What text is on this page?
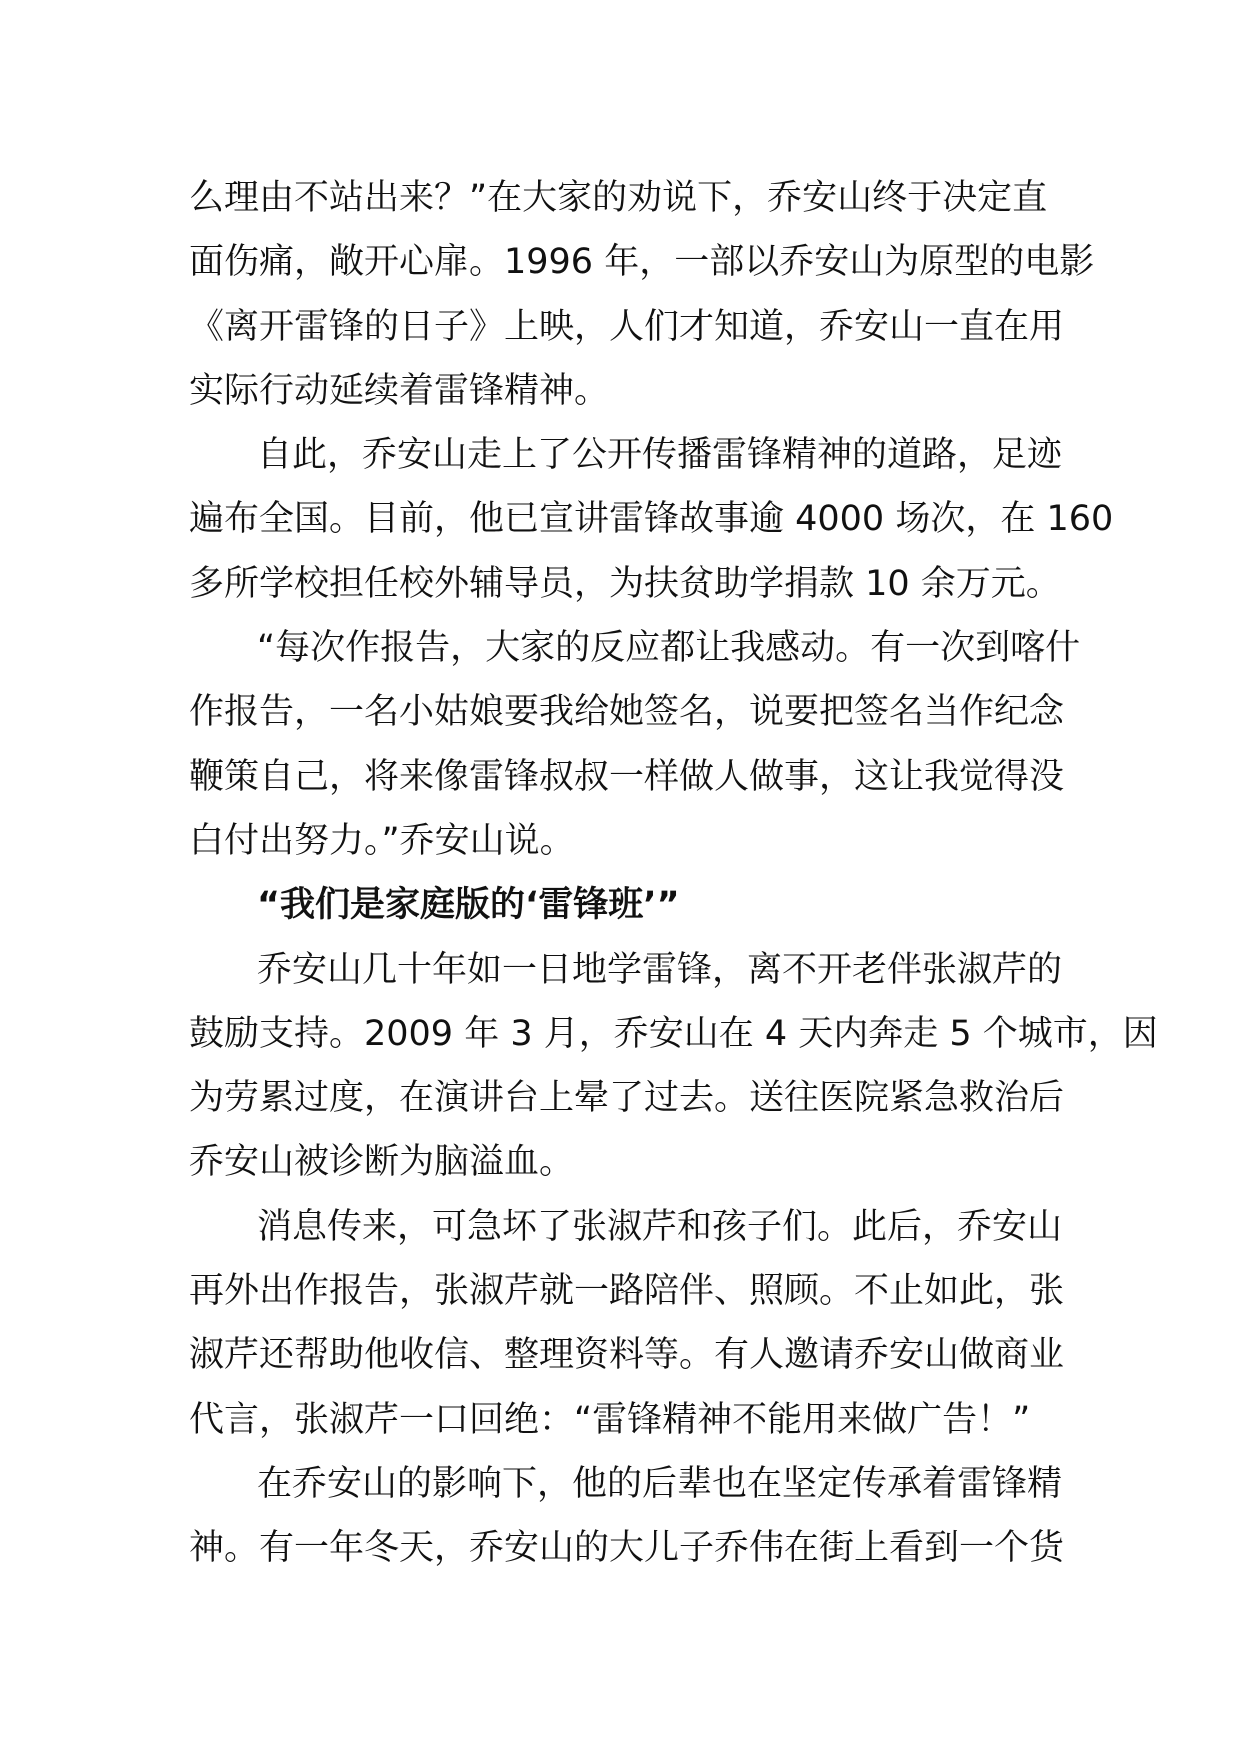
么理由不站出来？”在大家的劝说下，乔安山终于决定直
面伤痛，敞开心扉。1996 年，一部以乔安山为原型的电影
《离开雷锋的日子》上映，人们才知道，乔安山一直在用
实际行动延续着雷锋精神。
自此，乔安山走上了公开传播雷锋精神的道路，足迹
遍布全国。目前，他已宣讲雷锋故事逾 4000 场次，在 160
多所学校担任校外辅导员，为扶贫助学捐款 10 余万元。
“每次作报告，大家的反应都让我感动。有一次到喀什
作报告，一名小姑娘要我给她签名，说要把签名当作纪念
鞭策自己，将来像雷锋叔叔一样做人做事，这让我觉得没
白付出努力。”乔安山说。
“我们是家庭版的‘雷锋班’”
乔安山几十年如一日地学雷锋，离不开老伴张淑芹的
鼓励支持。2009 年 3 月，乔安山在 4 天内奔走 5 个城市，因
为劳累过度，在演讲台上晕了过去。送往医院紧急救治后
乔安山被诊断为脑溢血。
消息传来，可急坏了张淑芹和孩子们。此后，乔安山
再外出作报告，张淑芹就一路陪伴、照顾。不止如此，张
淑芹还帮助他收信、整理资料等。有人邀请乔安山做商业
代言，张淑芹一口回绝：“雷锋精神不能用来做广告！”
在乔安山的影响下，他的后辈也在坚定传承着雷锋精
神。有一年冬天，乔安山的大儿子乔伟在街上看到一个货
